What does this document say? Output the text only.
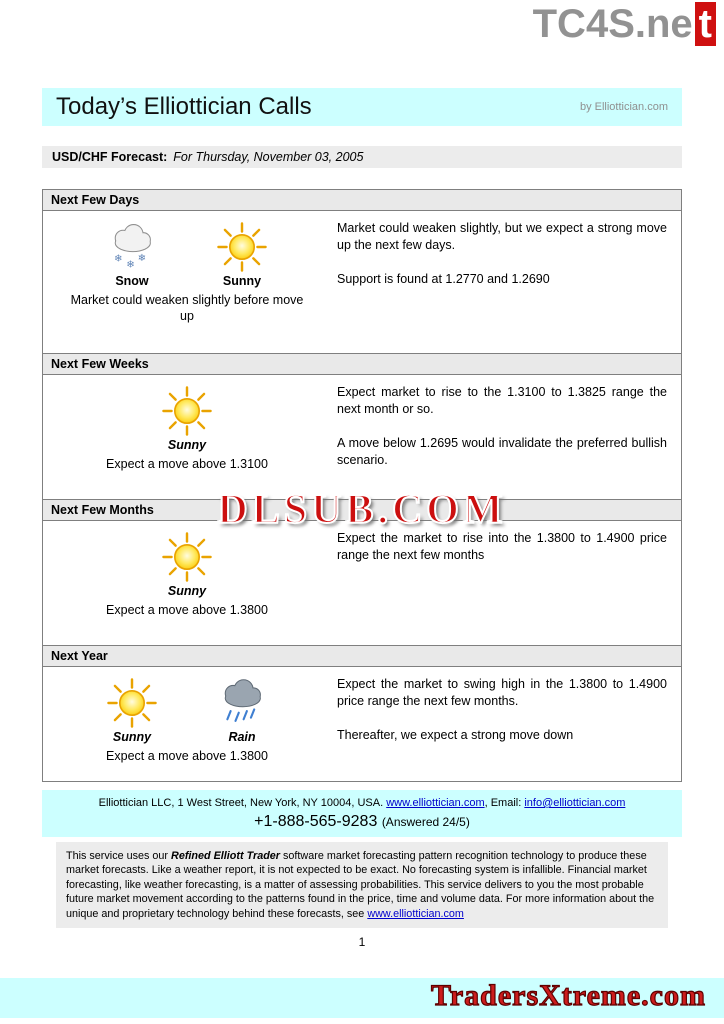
TC4S.ne t
DLSUB.COM
Today’s Elliottician Calls	by Elliottician.com
USD/CHF Forecast: For Thursday, November 03, 2005
Next Few Days
Snow	Sunny
Market could weaken slightly before move up

Market could weaken slightly, but we expect a strong move up the next few days.

Support is found at 1.2770 and 1.2690

Next Few Weeks
Sunny
Expect a move above 1.3100

Expect market to rise to the 1.3100 to 1.3825 range the next month or so.

A move below 1.2695 would invalidate the preferred bullish scenario.

Next Few Months
Sunny
Expect a move above 1.3800

Expect the market to rise into the 1.3800 to 1.4900 price range the next few months

Next Year
Sunny	Rain
Expect a move above 1.3800

Expect the market to swing high in the 1.3800 to 1.4900 price range the next few months.

Thereafter, we expect a strong move down

Elliottician LLC, 1 West Street, New York, NY 10004, USA. www.elliottician.com, Email: info@elliottician.com
+1-888-565-9283 (Answered 24/5)
This service uses our Refined Elliott Trader software market forecasting pattern recognition technology to produce these market forecasts. Like a weather report, it is not expected to be exact. No forecasting system is infallible. Financial market forecasting, like weather forecasting, is a matter of assessing probabilities. This service delivers to you the most probable future market movement according to the patterns found in the price, time and volume data. For more information about the unique and proprietary technology behind these forecasts, see www.elliottician.com
1
TradersXtreme.com
